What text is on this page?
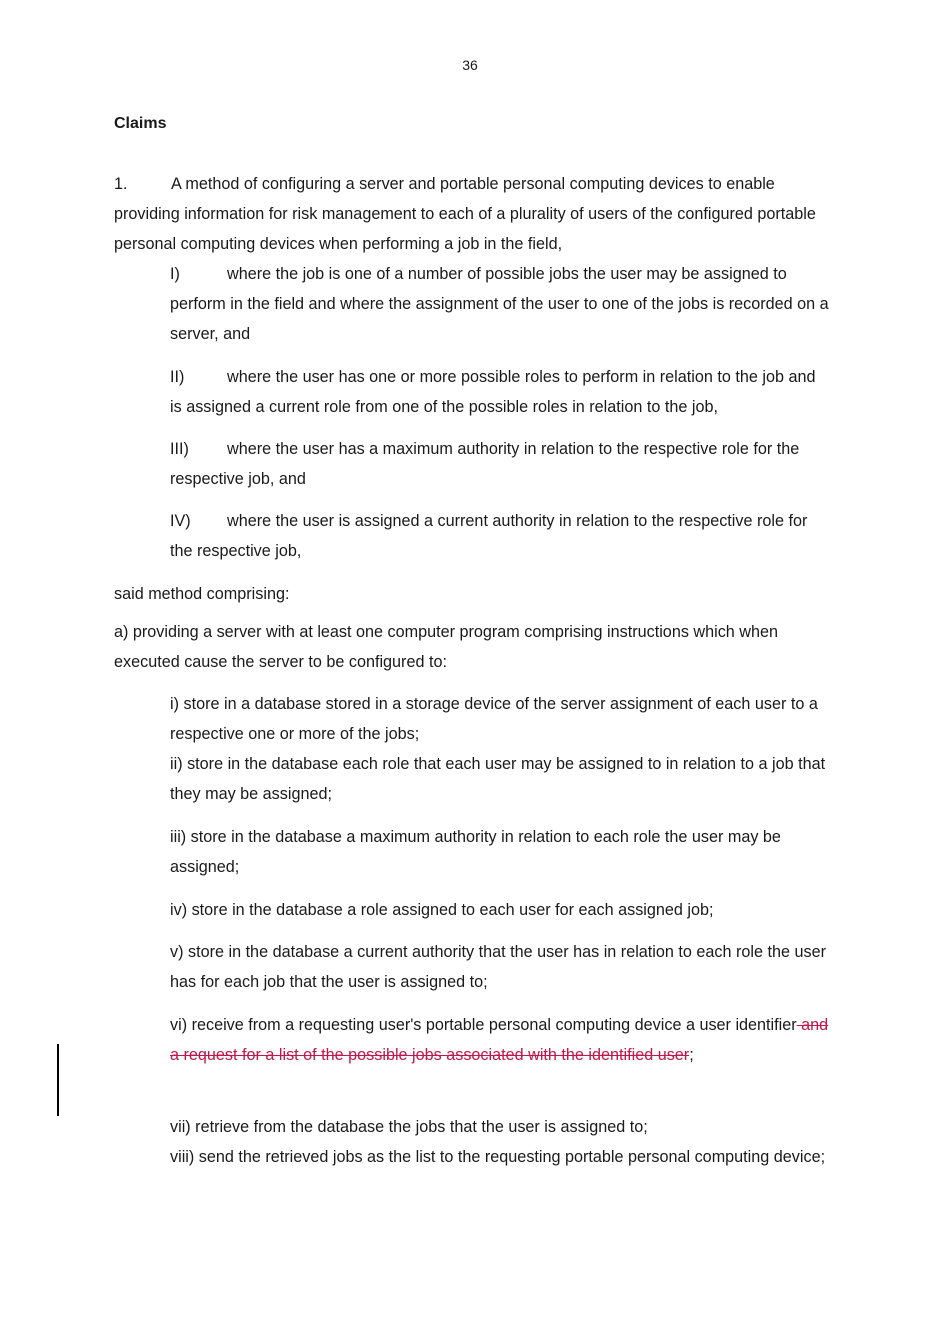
36
Claims

1.	A method of configuring a server and portable personal computing devices to enable providing information for risk management to each of a plurality of users of the configured portable personal computing devices when performing a job in the field,

I)	where the job is one of a number of possible jobs the user may be assigned to perform in the field and where the assignment of the user to one of the jobs is recorded on a server, and

II)	where the user has one or more possible roles to perform in relation to the job and is assigned a current role from one of the possible roles in relation to the job,

III) where the user has a maximum authority in relation to the respective role for the respective job, and

IV) where the user is assigned a current authority in relation to the respective role for the respective job,

said method comprising:

a) providing a server with at least one computer program comprising instructions which when executed cause the server to be configured to:

i) store in a database stored in a storage device of the server assignment of each user to a respective one or more of the jobs;

ii) store in the database each role that each user may be assigned to in relation to a job that they may be assigned;

iii) store in the database a maximum authority in relation to each role the user may be assigned;

iv) store in the database a role assigned to each user for each assigned job;

v) store in the database a current authority that the user has in relation to each role the user has for each job that the user is assigned to;

vi) receive from a requesting user's portable personal computing device a user identifier and a request for a list of the possible jobs associated with the identified user;

vii) retrieve from the database the jobs that the user is assigned to;

viii) send the retrieved jobs as the list to the requesting portable personal computing device;
